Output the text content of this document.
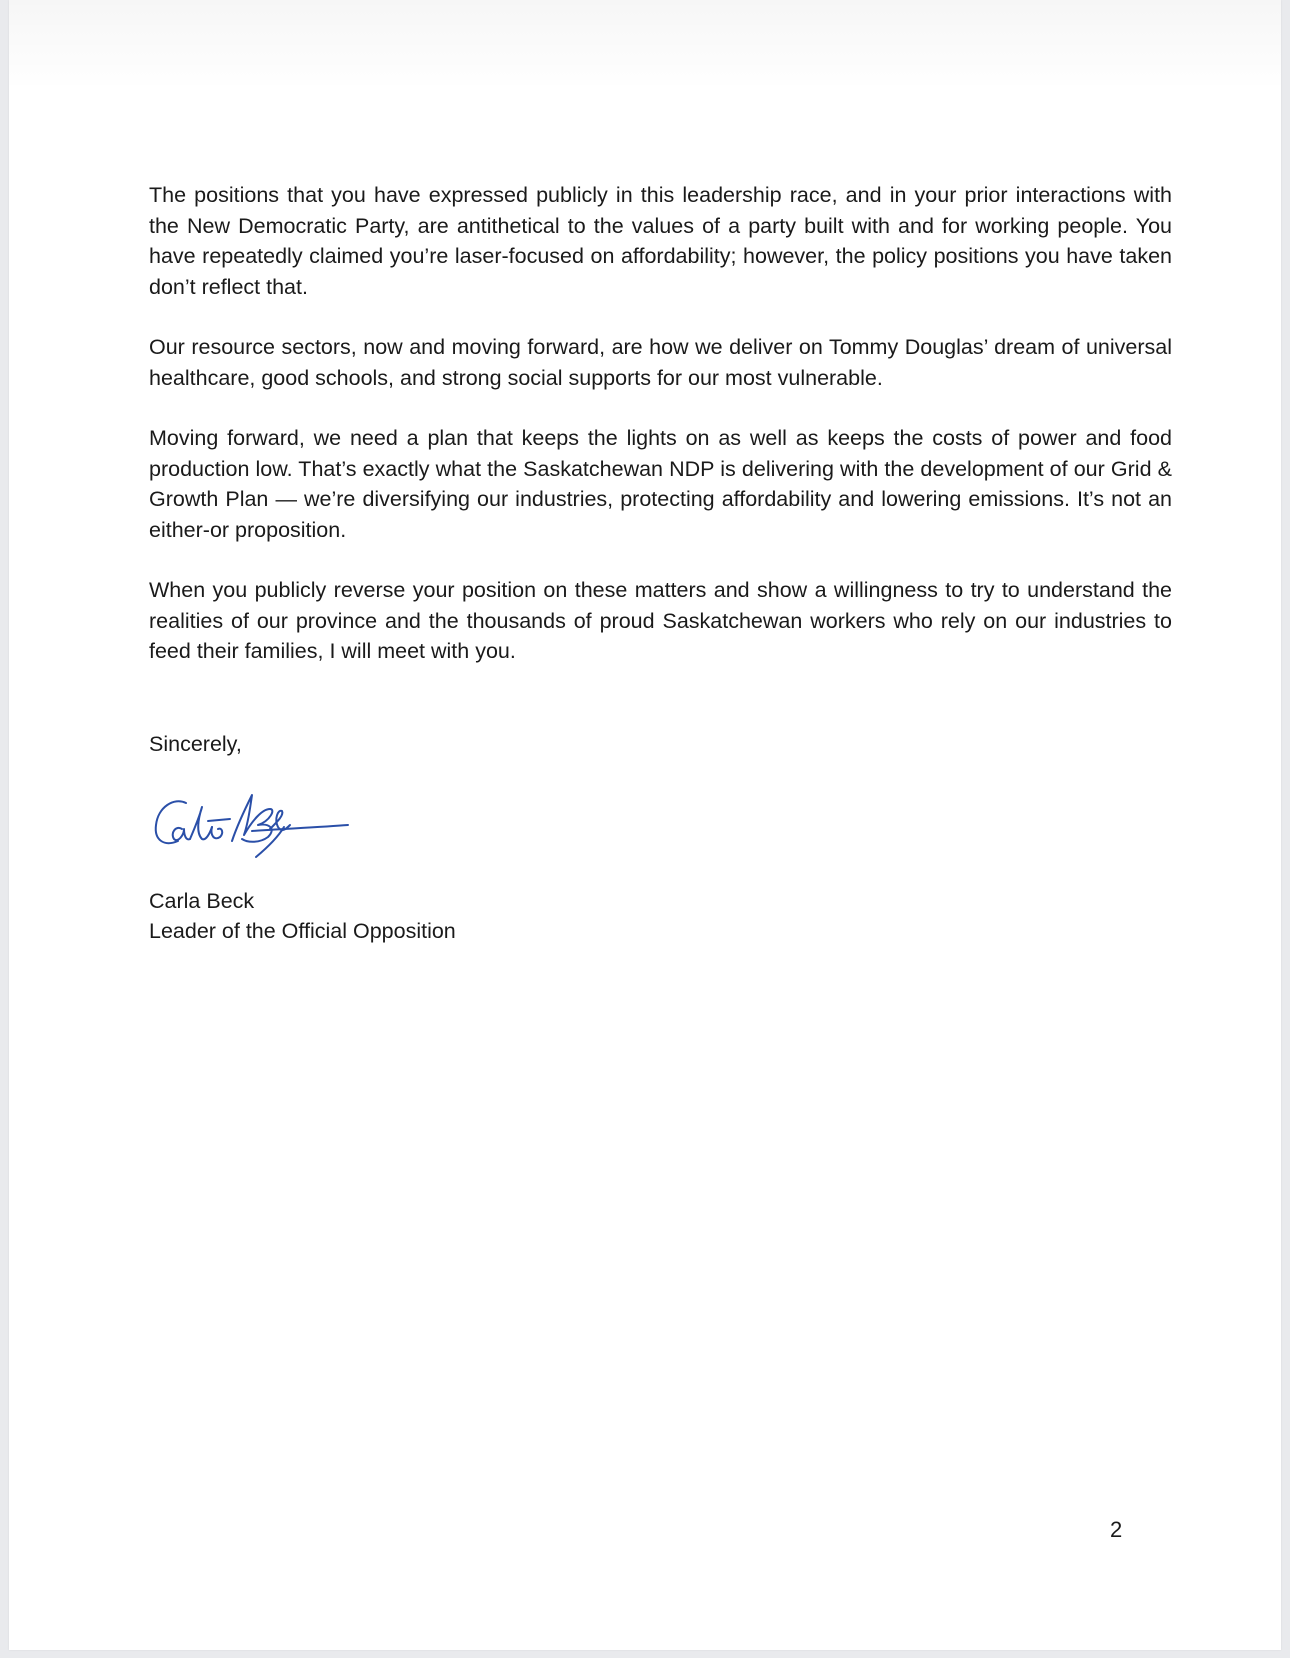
The positions that you have expressed publicly in this leadership race, and in your prior interactions with the New Democratic Party, are antithetical to the values of a party built with and for working people. You have repeatedly claimed you’re laser-focused on affordability; however, the policy positions you have taken don’t reflect that.

Our resource sectors, now and moving forward, are how we deliver on Tommy Douglas’ dream of universal healthcare, good schools, and strong social supports for our most vulnerable.

Moving forward, we need a plan that keeps the lights on as well as keeps the costs of power and food production low. That’s exactly what the Saskatchewan NDP is delivering with the development of our Grid & Growth Plan — we’re diversifying our industries, protecting affordability and lowering emissions. It’s not an either-or proposition.

When you publicly reverse your position on these matters and show a willingness to try to understand the realities of our province and the thousands of proud Saskatchewan workers who rely on our industries to feed their families, I will meet with you.

Sincerely,
Carla Beck
Leader of the Official Opposition
2
